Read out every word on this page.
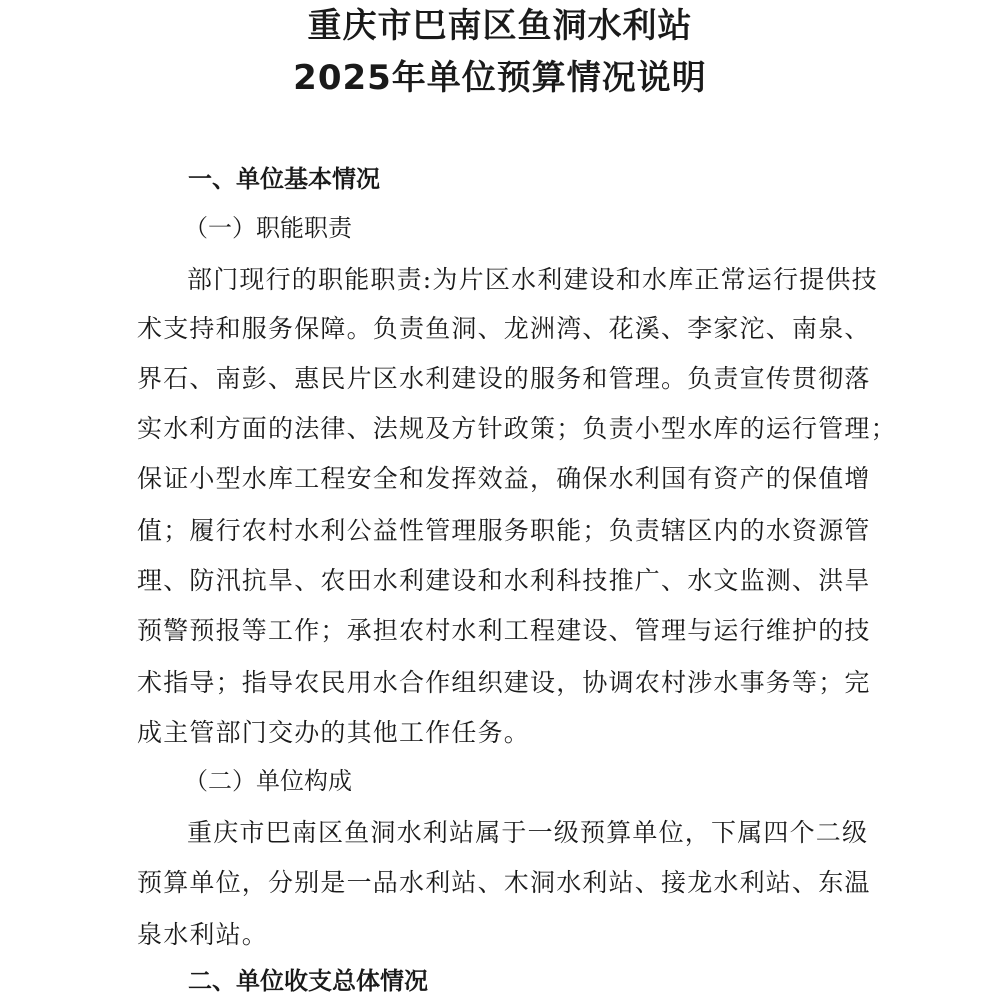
重庆市巴南区鱼洞水利站
2025年单位预算情况说明
一、单位基本情况
（一）职能职责
部门现行的职能职责:为片区水利建设和水库正常运行提供技
术支持和服务保障。负责鱼洞、龙洲湾、花溪、李家沱、南泉、
界石、南彭、惠民片区水利建设的服务和管理。负责宣传贯彻落
实水利方面的法律、法规及方针政策；负责小型水库的运行管理；
保证小型水库工程安全和发挥效益，确保水利国有资产的保值增
值；履行农村水利公益性管理服务职能；负责辖区内的水资源管
理、防汛抗旱、农田水利建设和水利科技推广、水文监测、洪旱
预警预报等工作；承担农村水利工程建设、管理与运行维护的技
术指导；指导农民用水合作组织建设，协调农村涉水事务等；完
成主管部门交办的其他工作任务。
（二）单位构成
重庆市巴南区鱼洞水利站属于一级预算单位，下属四个二级
预算单位，分别是一品水利站、木洞水利站、接龙水利站、东温
泉水利站。
二、单位收支总体情况
